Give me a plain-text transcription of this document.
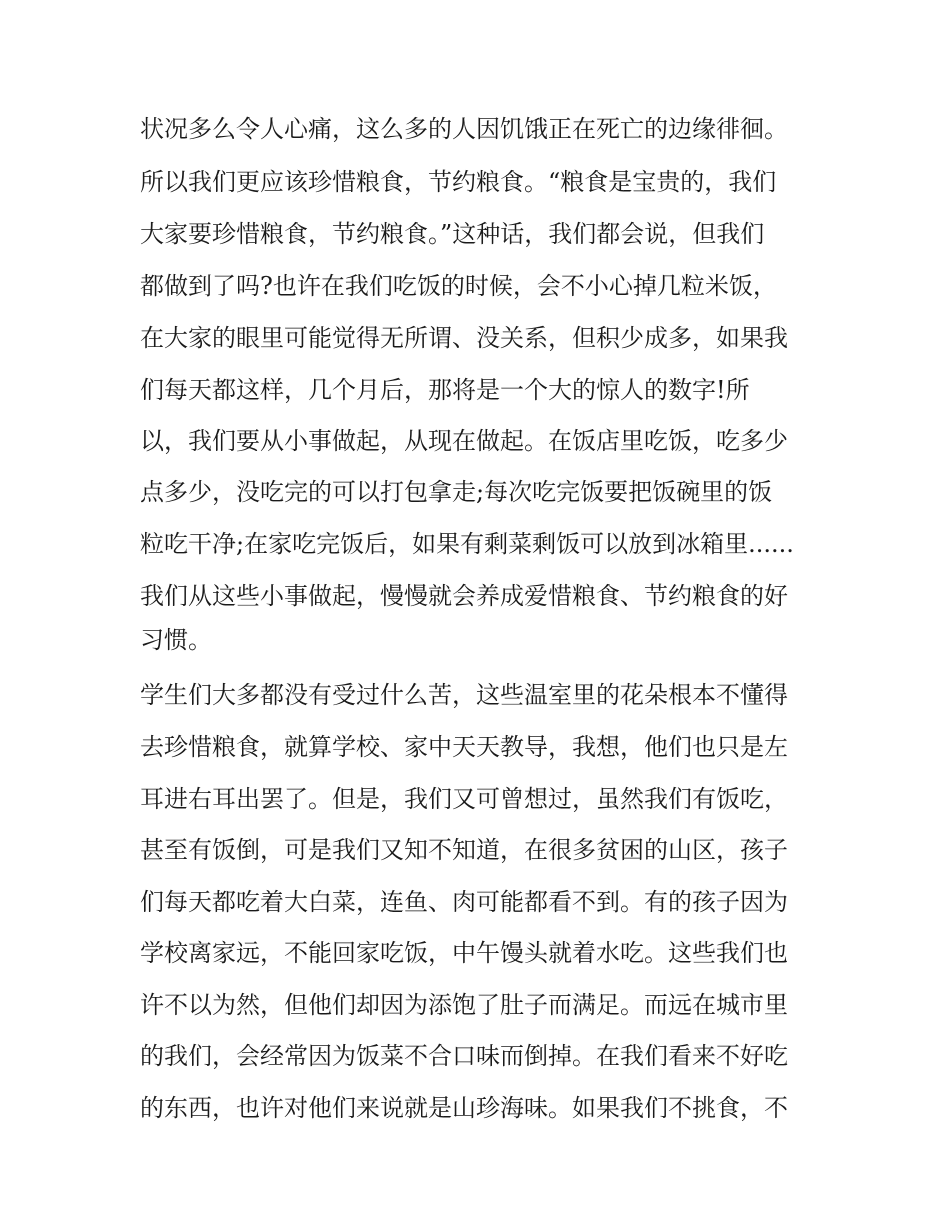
状况多么令人心痛，这么多的人因饥饿正在死亡的边缘徘徊。
所以我们更应该珍惜粮食，节约粮食。“粮食是宝贵的，我们
大家要珍惜粮食，节约粮食。”这种话，我们都会说，但我们
都做到了吗?也许在我们吃饭的时候，会不小心掉几粒米饭，
在大家的眼里可能觉得无所谓、没关系，但积少成多，如果我
们每天都这样，几个月后，那将是一个大的惊人的数字!所
以，我们要从小事做起，从现在做起。在饭店里吃饭，吃多少
点多少，没吃完的可以打包拿走;每次吃完饭要把饭碗里的饭
粒吃干净;在家吃完饭后，如果有剩菜剩饭可以放到冰箱里......
我们从这些小事做起，慢慢就会养成爱惜粮食、节约粮食的好
习惯。
学生们大多都没有受过什么苦，这些温室里的花朵根本不懂得
去珍惜粮食，就算学校、家中天天教导，我想，他们也只是左
耳进右耳出罢了。但是，我们又可曾想过，虽然我们有饭吃，
甚至有饭倒，可是我们又知不知道，在很多贫困的山区，孩子
们每天都吃着大白菜，连鱼、肉可能都看不到。有的孩子因为
学校离家远，不能回家吃饭，中午馒头就着水吃。这些我们也
许不以为然，但他们却因为添饱了肚子而满足。而远在城市里
的我们，会经常因为饭菜不合口味而倒掉。在我们看来不好吃
的东西，也许对他们来说就是山珍海味。如果我们不挑食，不
